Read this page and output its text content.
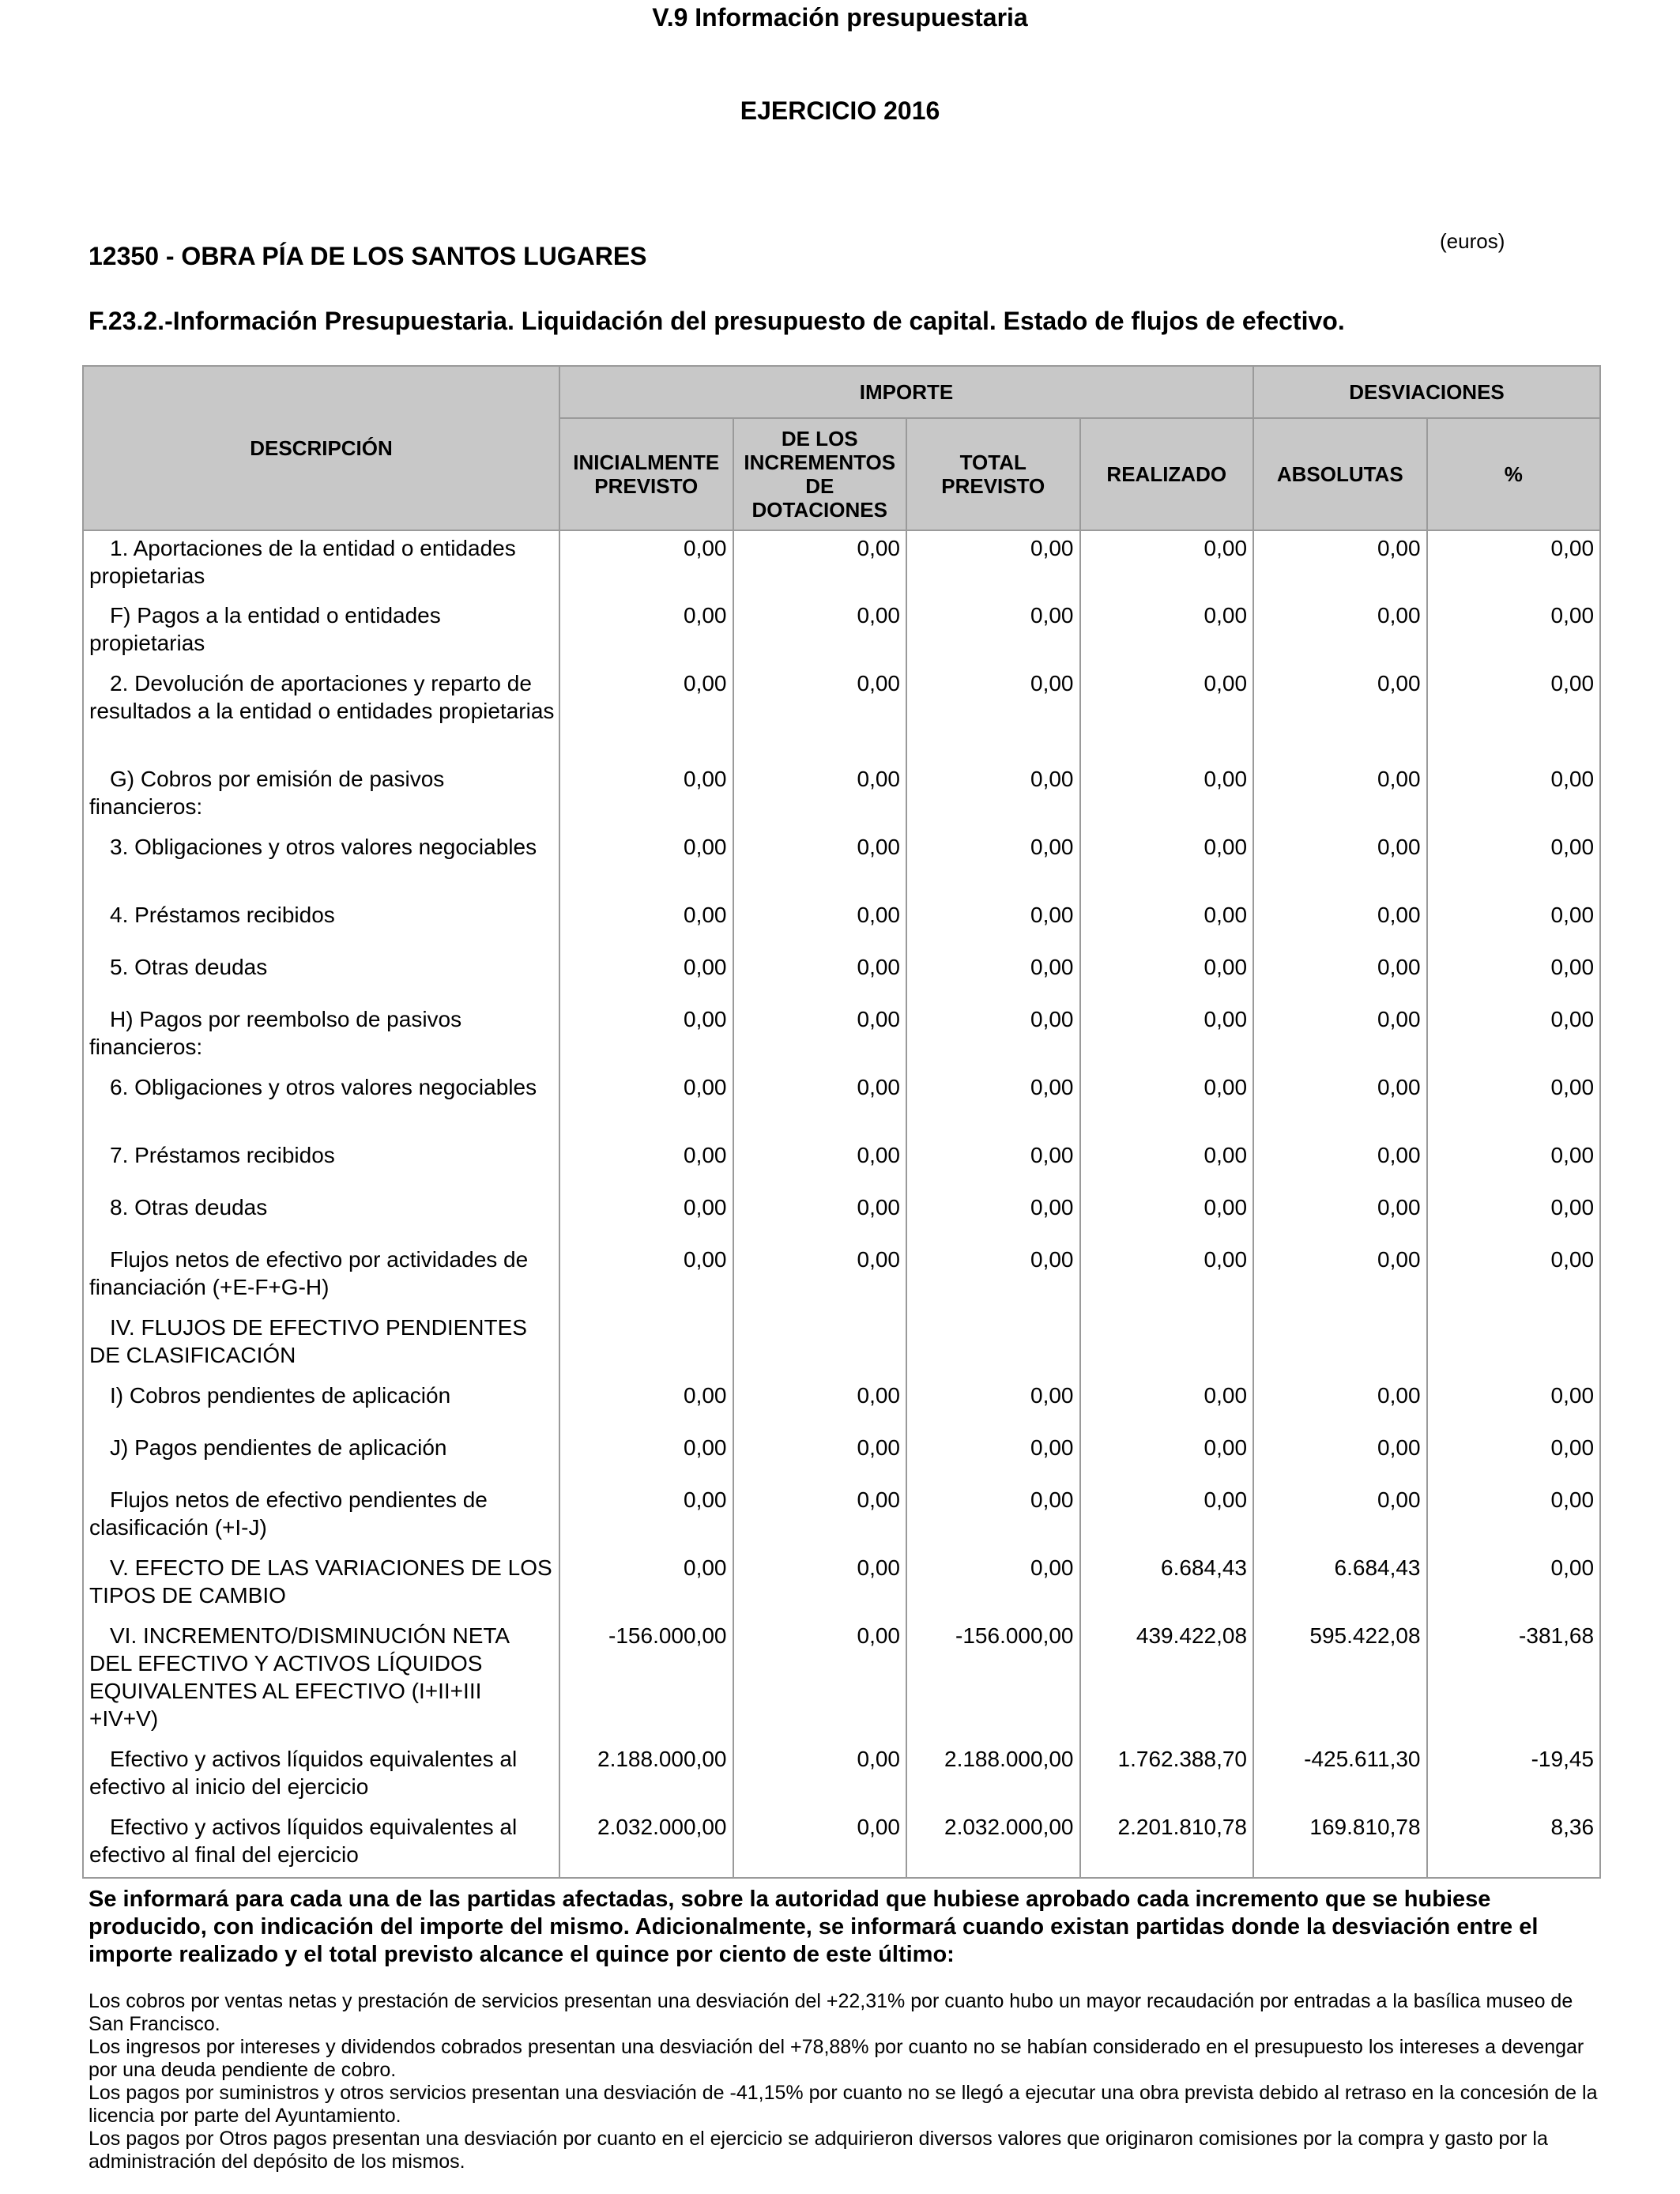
V.9 Información presupuestaria
EJERCICIO 2016
12350 - OBRA PÍA DE LOS SANTOS LUGARES
(euros)
F.23.2.-Información Presupuestaria. Liquidación del presupuesto de capital. Estado de flujos de efectivo.
DESCRIPCIÓN	IMPORTE				DESVIACIONES	
	INICIALMENTE PREVISTO	DE LOS INCREMENTOS DE DOTACIONES	TOTAL PREVISTO	REALIZADO	ABSOLUTAS	%
1. Aportaciones de la entidad o entidades propietarias	0,00	0,00	0,00	0,00	0,00	0,00
F) Pagos a la entidad o entidades propietarias	0,00	0,00	0,00	0,00	0,00	0,00
2. Devolución de aportaciones y reparto de resultados a la entidad o entidades propietarias	0,00	0,00	0,00	0,00	0,00	0,00
G) Cobros por emisión de pasivos financieros:	0,00	0,00	0,00	0,00	0,00	0,00
3. Obligaciones y otros valores negociables	0,00	0,00	0,00	0,00	0,00	0,00
4. Préstamos recibidos	0,00	0,00	0,00	0,00	0,00	0,00
5. Otras deudas	0,00	0,00	0,00	0,00	0,00	0,00
H) Pagos por reembolso de pasivos financieros:	0,00	0,00	0,00	0,00	0,00	0,00
6. Obligaciones y otros valores negociables	0,00	0,00	0,00	0,00	0,00	0,00
7. Préstamos recibidos	0,00	0,00	0,00	0,00	0,00	0,00
8. Otras deudas	0,00	0,00	0,00	0,00	0,00	0,00
Flujos netos de efectivo por actividades de financiación (+E-F+G-H)	0,00	0,00	0,00	0,00	0,00	0,00
IV. FLUJOS DE EFECTIVO PENDIENTES DE CLASIFICACIÓN						
I) Cobros pendientes de aplicación	0,00	0,00	0,00	0,00	0,00	0,00
J) Pagos pendientes de aplicación	0,00	0,00	0,00	0,00	0,00	0,00
Flujos netos de efectivo pendientes de clasificación (+I-J)	0,00	0,00	0,00	0,00	0,00	0,00
V. EFECTO DE LAS VARIACIONES DE LOS TIPOS DE CAMBIO	0,00	0,00	0,00	6.684,43	6.684,43	0,00
VI. INCREMENTO/DISMINUCIÓN NETA DEL EFECTIVO Y ACTIVOS LÍQUIDOS EQUIVALENTES AL EFECTIVO (I+II+III +IV+V)	-156.000,00	0,00	-156.000,00	439.422,08	595.422,08	-381,68
Efectivo y activos líquidos equivalentes al efectivo al inicio del ejercicio	2.188.000,00	0,00	2.188.000,00	1.762.388,70	-425.611,30	-19,45
Efectivo y activos líquidos equivalentes al efectivo al final del ejercicio	2.032.000,00	0,00	2.032.000,00	2.201.810,78	169.810,78	8,36
Se informará para cada una de las partidas afectadas, sobre la autoridad que hubiese aprobado cada incremento que se hubiese producido, con indicación del importe del mismo. Adicionalmente, se informará cuando existan partidas donde la desviación entre el importe realizado y el total previsto alcance el quince por ciento de este último:

Los cobros por ventas netas y prestación de servicios presentan una desviación del +22,31% por cuanto hubo un mayor recaudación por entradas a la basílica museo de San Francisco.

Los ingresos por intereses y dividendos cobrados presentan una desviación del +78,88% por cuanto no se habían considerado en el presupuesto los intereses a devengar por una deuda pendiente de cobro.

Los pagos por suministros y otros servicios presentan una desviación de -41,15% por cuanto no se llegó a ejecutar una obra prevista debido al retraso en la concesión de la licencia por parte del Ayuntamiento.

Los pagos por Otros pagos presentan una desviación por cuanto en el ejercicio se adquirieron diversos valores que originaron comisiones por la compra y gasto por la administración del depósito de los mismos.
